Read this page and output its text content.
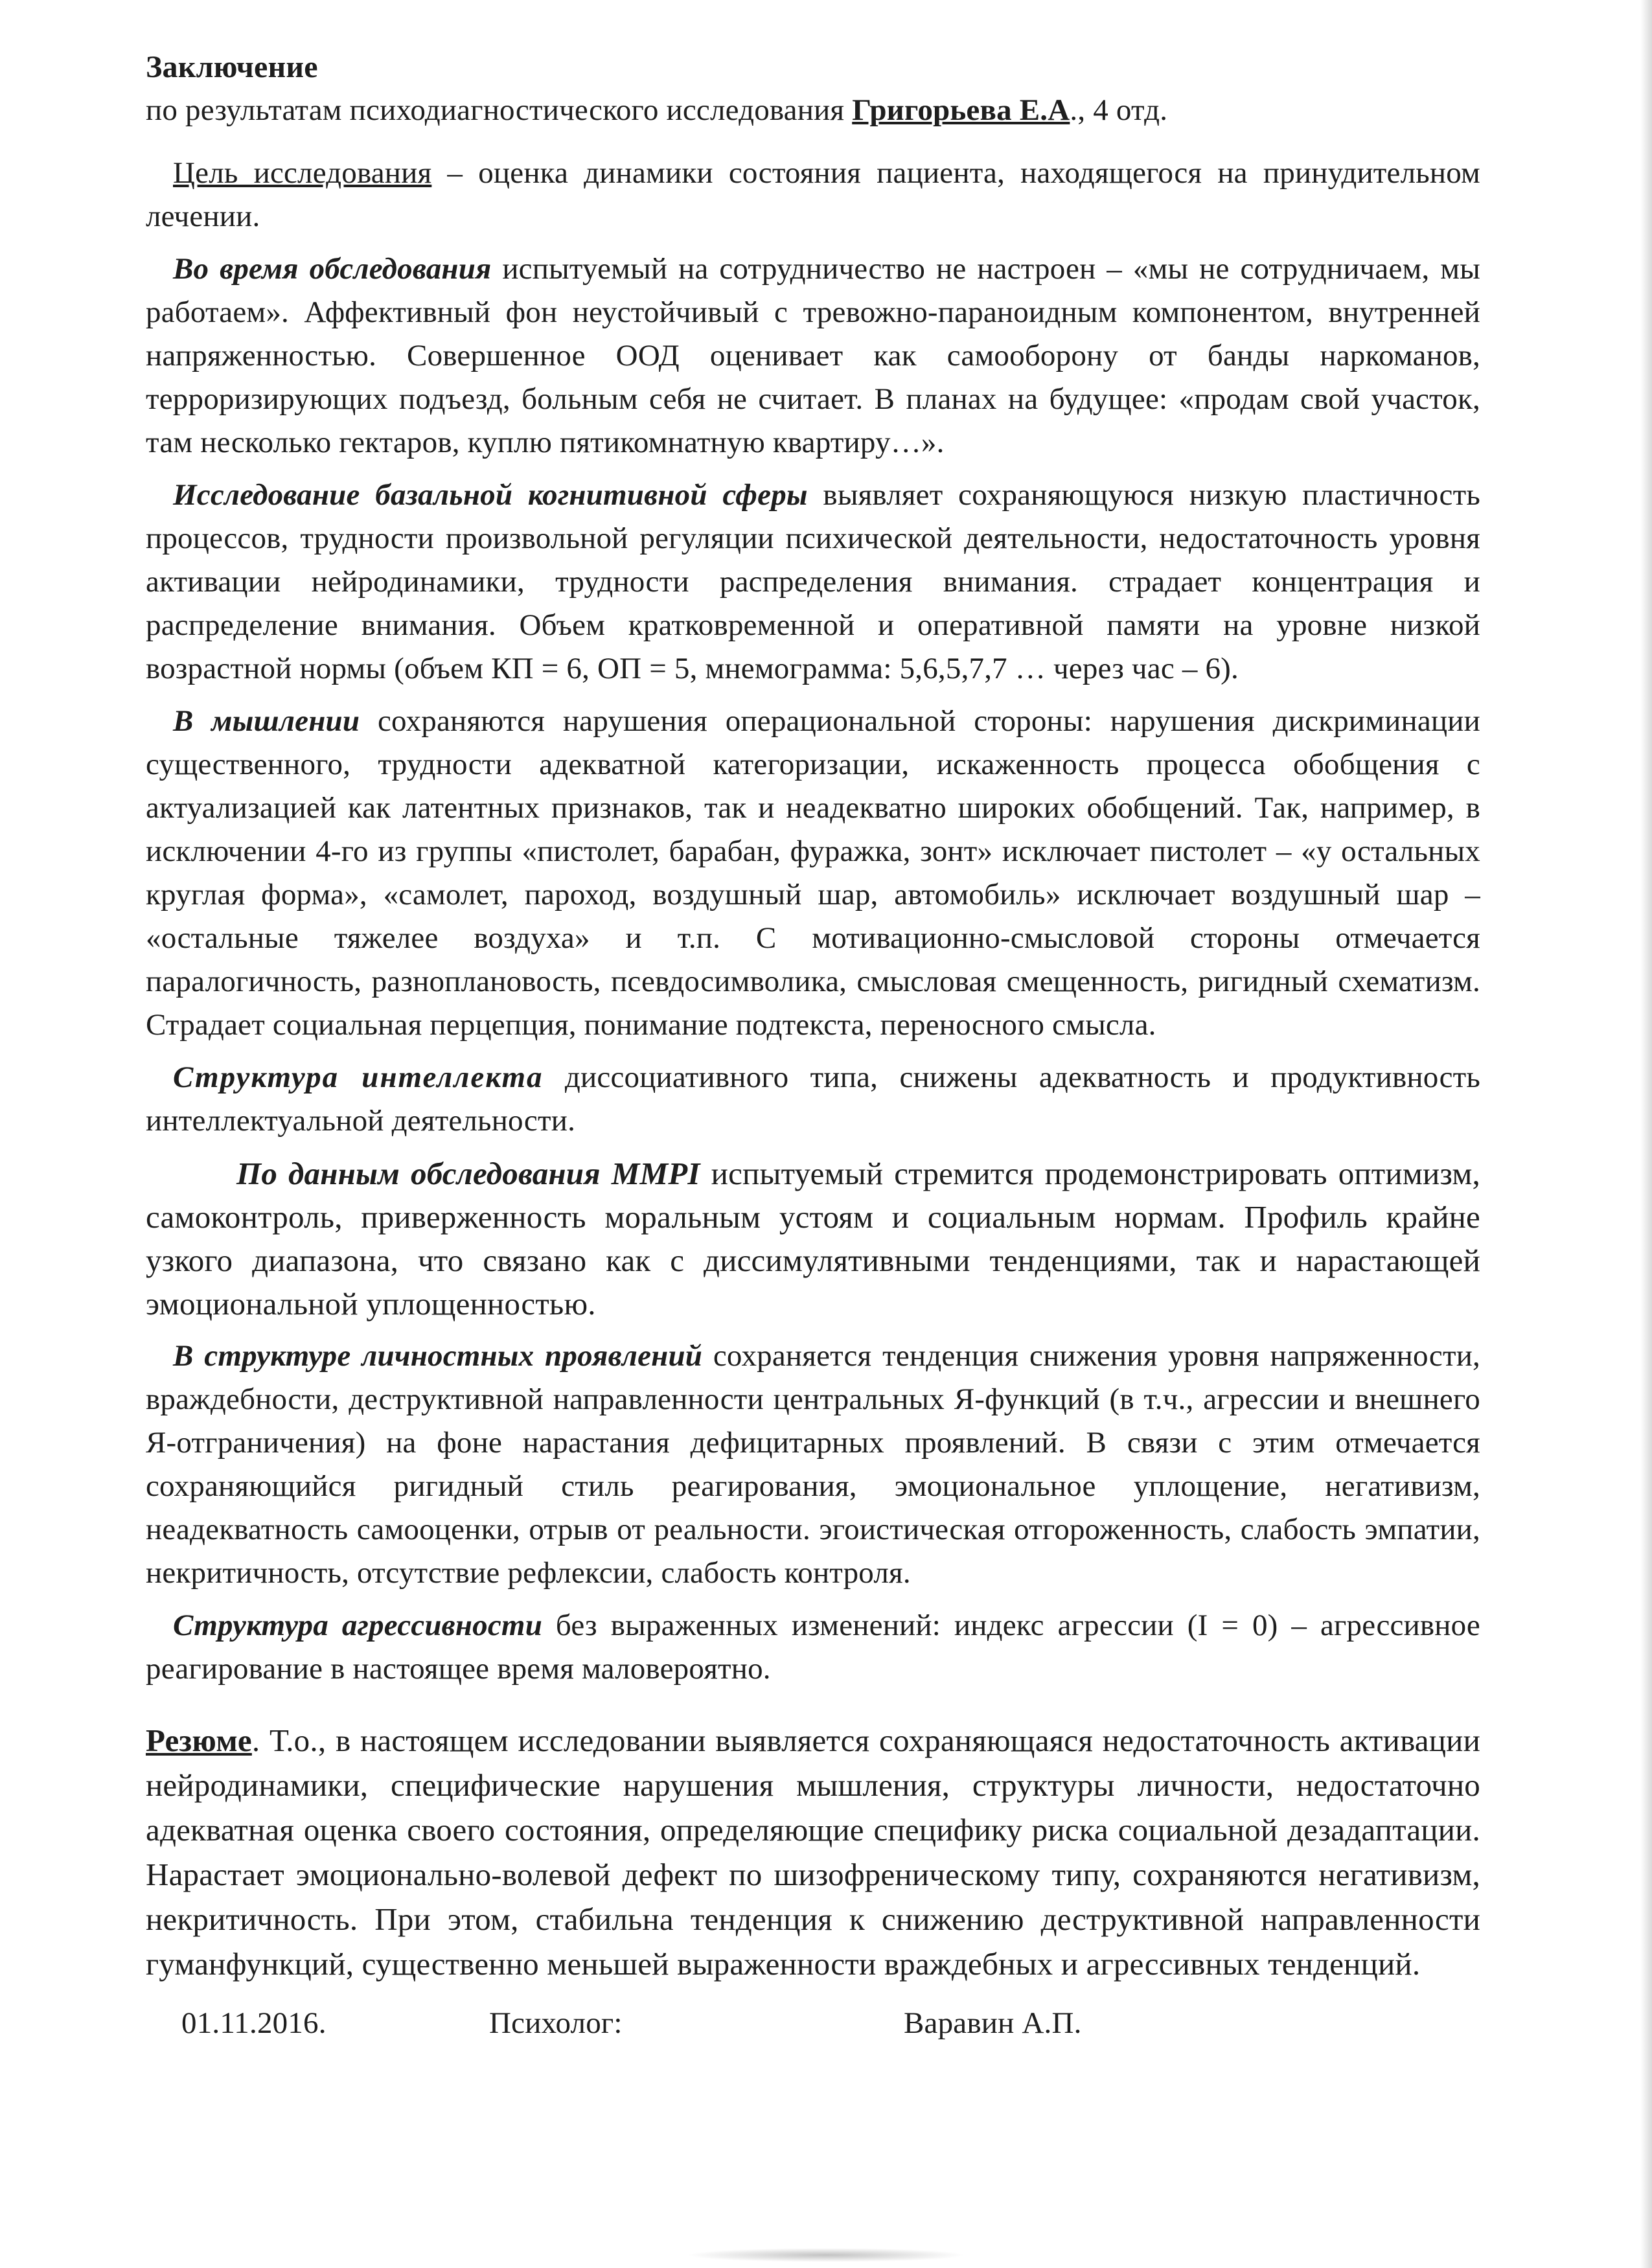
Заключение
по результатам психодиагностического исследования Григорьева Е.А., 4 отд.

Цель исследования – оценка динамики состояния пациента, находящегося на принудительном лечении.

Во время обследования испытуемый на сотрудничество не настроен – «мы не сотрудничаем, мы работаем». Аффективный фон неустойчивый с тревожно-параноидным компонентом, внутренней напряженностью. Совершенное ООД оценивает как самооборону от банды наркоманов, терроризирующих подъезд, больным себя не считает. В планах на будущее: «продам свой участок, там несколько гектаров, куплю пятикомнатную квартиру…».

Исследование базальной когнитивной сферы выявляет сохраняющуюся низкую пластичность процессов, трудности произвольной регуляции психической деятельности, недостаточность уровня активации нейродинамики, трудности распределения внимания. страдает концентрация и распределение внимания. Объем кратковременной и оперативной памяти на уровне низкой возрастной нормы (объем КП = 6, ОП = 5, мнемограмма: 5,6,5,7,7 … через час – 6).

В мышлении сохраняются нарушения операциональной стороны: нарушения дискриминации существенного, трудности адекватной категоризации, искаженность процесса обобщения с актуализацией как латентных признаков, так и неадекватно широких обобщений. Так, например, в исключении 4-го из группы «пистолет, барабан, фуражка, зонт» исключает пистолет – «у остальных круглая форма», «самолет, пароход, воздушный шар, автомобиль» исключает воздушный шар – «остальные тяжелее воздуха» и т.п. С мотивационно-смысловой стороны отмечается паралогичность, разноплановость, псевдосимволика, смысловая смещенность, ригидный схематизм. Страдает социальная перцепция, понимание подтекста, переносного смысла.

Структура интеллекта диссоциативного типа, снижены адекватность и продуктивность интеллектуальной деятельности.

По данным обследования MMPI испытуемый стремится продемонстрировать оптимизм, самоконтроль, приверженность моральным устоям и социальным нормам. Профиль крайне узкого диапазона, что связано как с диссимулятивными тенденциями, так и нарастающей эмоциональной уплощенностью.

В структуре личностных проявлений сохраняется тенденция снижения уровня напряженности, враждебности, деструктивной направленности центральных Я-функций (в т.ч., агрессии и внешнего Я-отграничения) на фоне нарастания дефицитарных проявлений. В связи с этим отмечается сохраняющийся ригидный стиль реагирования, эмоциональное уплощение, негативизм, неадекватность самооценки, отрыв от реальности. эгоистическая отгороженность, слабость эмпатии, некритичность, отсутствие рефлексии, слабость контроля.

Структура агрессивности без выраженных изменений: индекс агрессии (I = 0) – агрессивное реагирование в настоящее время маловероятно.

Резюме. Т.о., в настоящем исследовании выявляется сохраняющаяся недостаточность активации нейродинамики, специфические нарушения мышления, структуры личности, недостаточно адекватная оценка своего состояния, определяющие специфику риска социальной дезадаптации. Нарастает эмоционально-волевой дефект по шизофреническому типу, сохраняются негативизм, некритичность. При этом, стабильна тенденция к снижению деструктивной направленности гуманфункций, существенно меньшей выраженности враждебных и агрессивных тенденций.

01.11.2016.	Психолог:	Варавин А.П.
